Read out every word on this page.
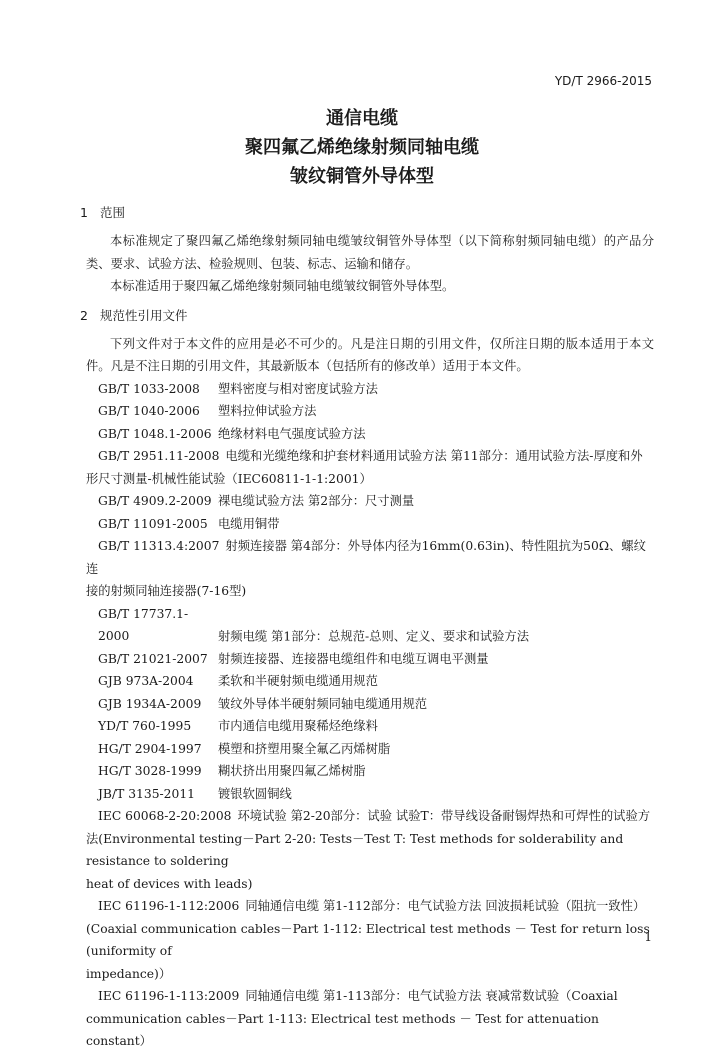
YD/T 2966-2015
通信电缆
聚四氟乙烯绝缘射频同轴电缆
皱纹铜管外导体型
1 范围

本标准规定了聚四氟乙烯绝缘射频同轴电缆皱纹铜管外导体型（以下简称射频同轴电缆）的产品分类、要求、试验方法、检验规则、包装、标志、运输和储存。

本标准适用于聚四氟乙烯绝缘射频同轴电缆皱纹铜管外导体型。

2 规范性引用文件

下列文件对于本文件的应用是必不可少的。凡是注日期的引用文件，仅所注日期的版本适用于本文件。凡是不注日期的引用文件，其最新版本（包括所有的修改单）适用于本文件。

GB/T 1033-2008 塑料密度与相对密度试验方法
GB/T 1040-2006 塑料拉伸试验方法
GB/T 1048.1-2006 绝缘材料电气强度试验方法
GB/T 2951.11-2008 电缆和光缆绝缘和护套材料通用试验方法 第11部分：通用试验方法-厚度和外
形尺寸测量-机械性能试验（IEC60811-1-1:2001）
GB/T 4909.2-2009 裸电缆试验方法 第2部分：尺寸测量
GB/T 11091-2005 电缆用铜带
GB/T 11313.4:2007 射频连接器 第4部分：外导体内径为16mm(0.63in)、特性阻抗为50Ω、螺纹连
接的射频同轴连接器(7-16型)
GB/T 17737.1-2000	射频电缆 第1部分：总规范-总则、定义、要求和试验方法
GB/T 21021-2007 射频连接器、连接器电缆组件和电缆互调电平测量
GJB 973A-2004 柔软和半硬射频电缆通用规范
GJB 1934A-2009 皱纹外导体半硬射频同轴电缆通用规范
YD/T 760-1995 市内通信电缆用聚稀烃绝缘料
HG/T 2904-1997 模塑和挤塑用聚全氟乙丙烯树脂
HG/T 3028-1999 糊状挤出用聚四氟乙烯树脂
JB/T 3135-2011 镀银软圆铜线
IEC 60068-2-20:2008 环境试验 第2-20部分：试验 试验T：带导线设备耐锡焊热和可焊性的试验方
法(Environmental testing－Part 2-20: Tests－Test T: Test methods for solderability and resistance to soldering
heat of devices with leads)
IEC 61196-1-112:2006 同轴通信电缆 第1-112部分：电气试验方法 回波损耗试验（阻抗一致性）
(Coaxial communication cables－Part 1-112: Electrical test methods － Test for return loss (uniformity of
impedance)）
IEC 61196-1-113:2009 同轴通信电缆 第1-113部分：电气试验方法 衰减常数试验（Coaxial
communication cables－Part 1-113: Electrical test methods － Test for attenuation constant）
1
